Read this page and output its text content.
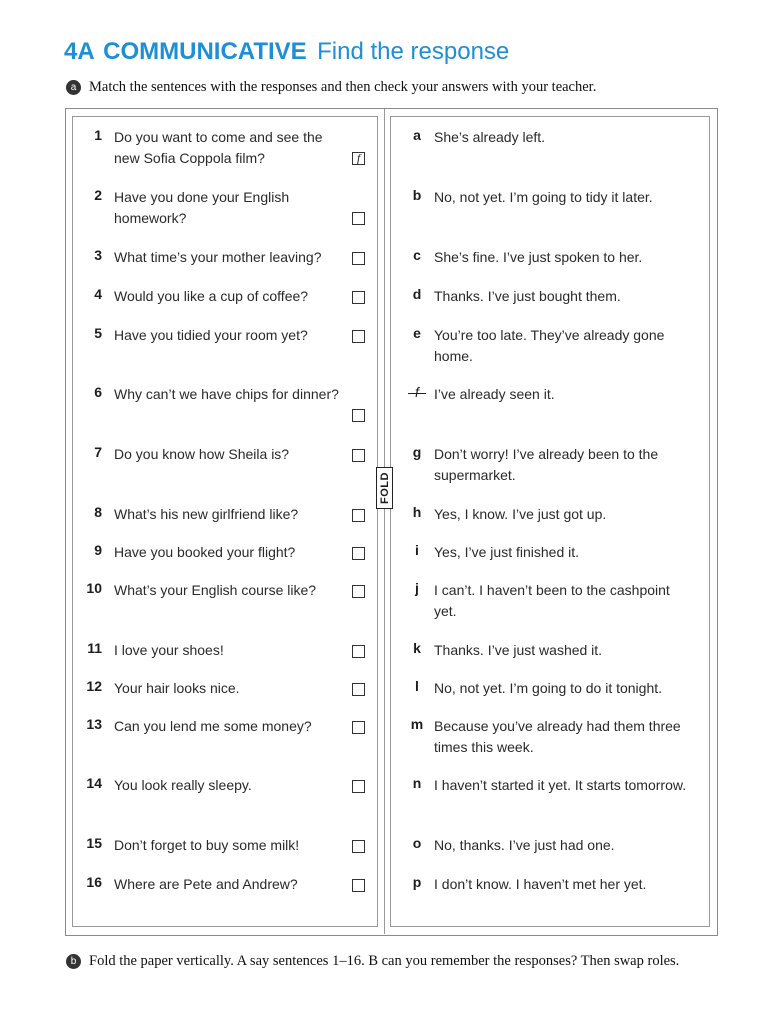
4A COMMUNICATIVE Find the response
a Match the sentences with the responses and then check your answers with your teacher.
FOLD
1 Do you want to come and see the new Sofia Coppola film?	f
2 Have you done your English homework?
3 What time’s your mother leaving?
4 Would you like a cup of coffee?
5 Have you tidied your room yet?
6 Why can’t we have chips for dinner?
7 Do you know how Sheila is?
8 What’s his new girlfriend like?
9 Have you booked your flight?
10 What’s your English course like?
11 I love your shoes!
12 Your hair looks nice.
13 Can you lend me some money?
14 You look really sleepy.
15 Don’t forget to buy some milk!
16 Where are Pete and Andrew?
a She’s already left.
b No, not yet. I’m going to tidy it later.
c She’s fine. I’ve just spoken to her.
d Thanks. I’ve just bought them.
e You’re too late. They’ve already gone home.
f	I’ve already seen it.
g Don’t worry! I’ve already been to the supermarket.
h Yes, I know. I’ve just got up.
i	Yes, I’ve just finished it.
j	I can’t. I haven’t been to the cashpoint yet.
k Thanks. I’ve just washed it.
l	No, not yet. I’m going to do it tonight.
m Because you’ve already had them three times this week.
n I haven’t started it yet. It starts tomorrow.
o No, thanks. I’ve just had one.
p I don’t know. I haven’t met her yet.
b Fold the paper vertically. A say sentences 1–16. B can you remember the responses? Then swap roles.
